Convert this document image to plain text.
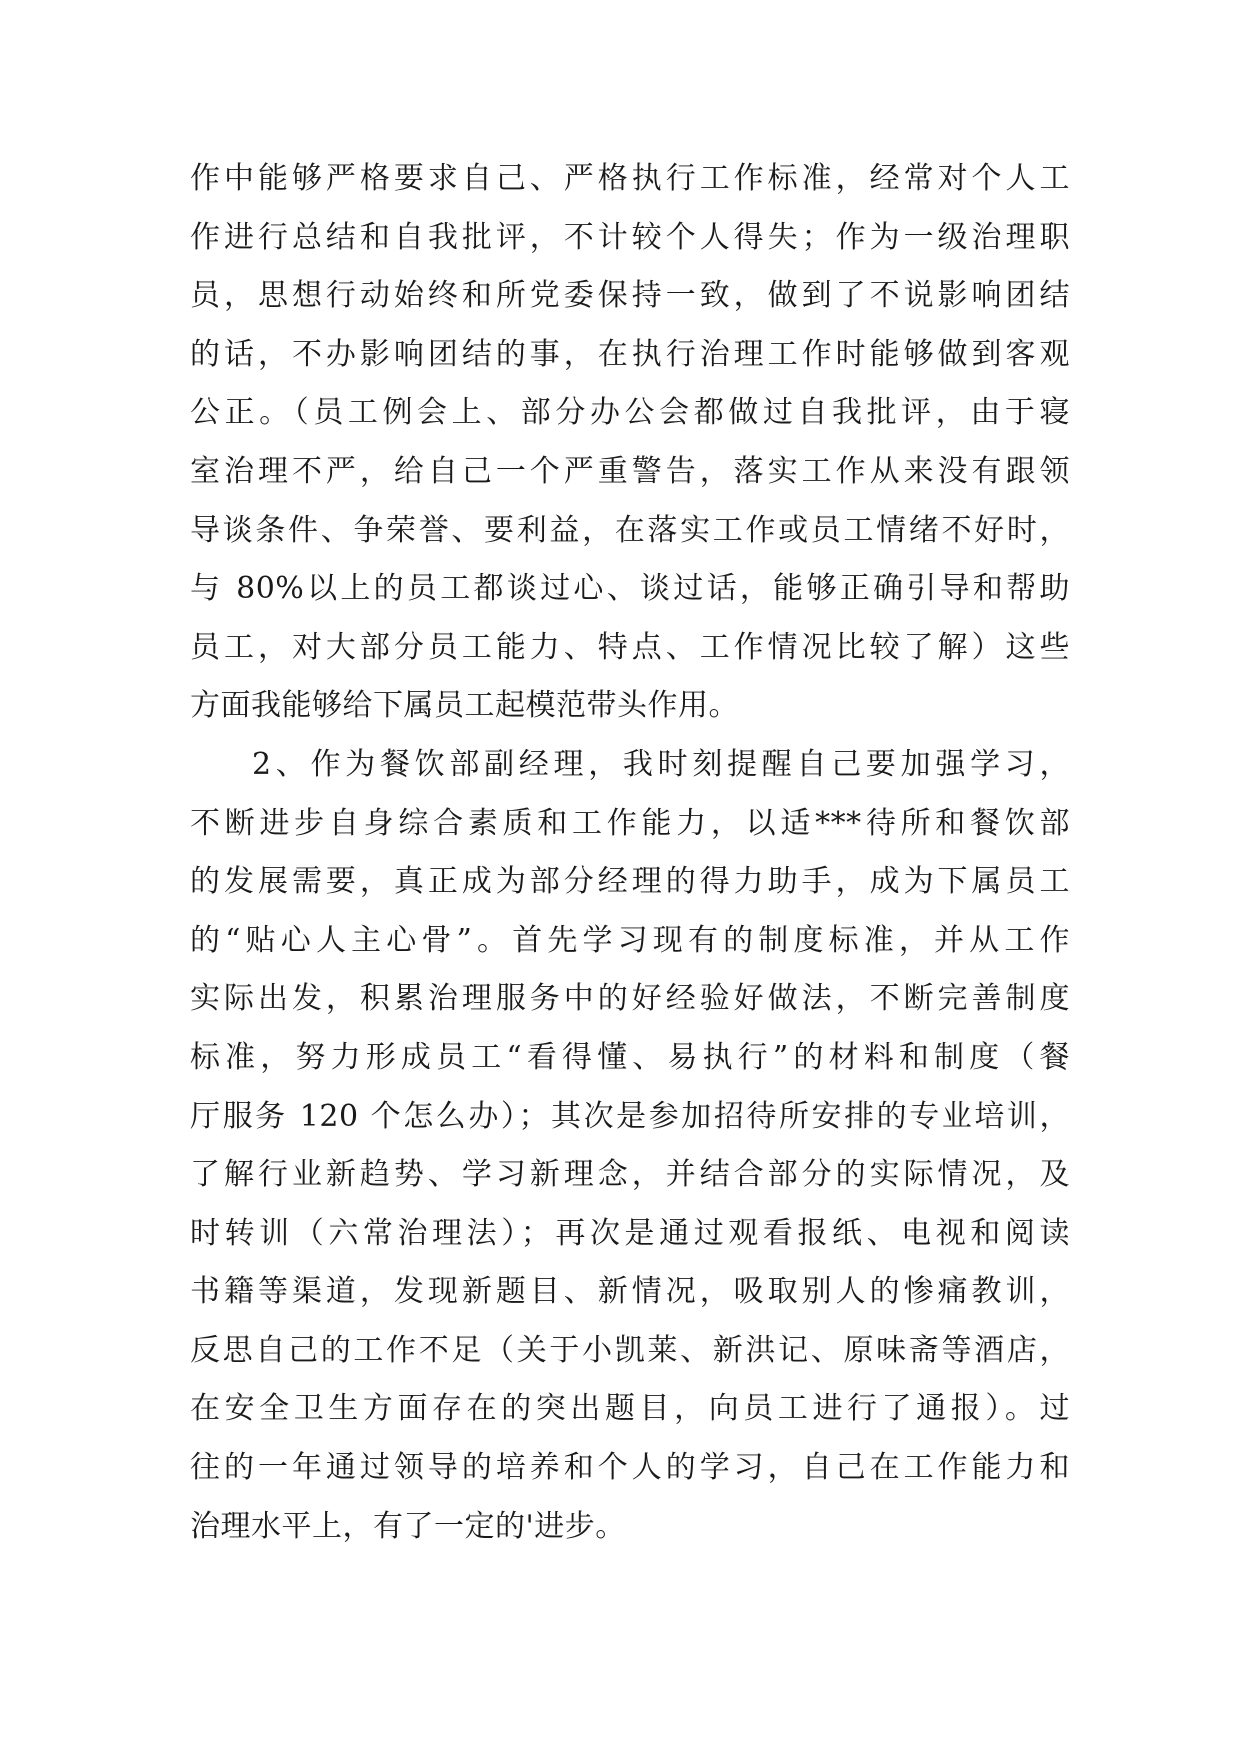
作中能够严格要求自己、严格执行工作标准，经常对个人工
作进行总结和自我批评，不计较个人得失；作为一级治理职
员，思想行动始终和所党委保持一致，做到了不说影响团结
的话，不办影响团结的事，在执行治理工作时能够做到客观
公正。（员工例会上、部分办公会都做过自我批评，由于寝
室治理不严，给自己一个严重警告，落实工作从来没有跟领
导谈条件、争荣誉、要利益，在落实工作或员工情绪不好时，
与 80%以上的员工都谈过心、谈过话，能够正确引导和帮助
员工，对大部分员工能力、特点、工作情况比较了解）这些
方面我能够给下属员工起模范带头作用。
2、作为餐饮部副经理，我时刻提醒自己要加强学习，
不断进步自身综合素质和工作能力，以适***待所和餐饮部
的发展需要，真正成为部分经理的得力助手，成为下属员工
的“贴心人主心骨”。首先学习现有的制度标准，并从工作
实际出发，积累治理服务中的好经验好做法，不断完善制度
标准，努力形成员工“看得懂、易执行”的材料和制度（餐
厅服务 120 个怎么办）；其次是参加招待所安排的专业培训，
了解行业新趋势、学习新理念，并结合部分的实际情况，及
时转训（六常治理法）；再次是通过观看报纸、电视和阅读
书籍等渠道，发现新题目、新情况，吸取别人的惨痛教训，
反思自己的工作不足（关于小凯莱、新洪记、原味斋等酒店，
在安全卫生方面存在的突出题目，向员工进行了通报）。过
往的一年通过领导的培养和个人的学习，自己在工作能力和
治理水平上，有了一定的'进步。
